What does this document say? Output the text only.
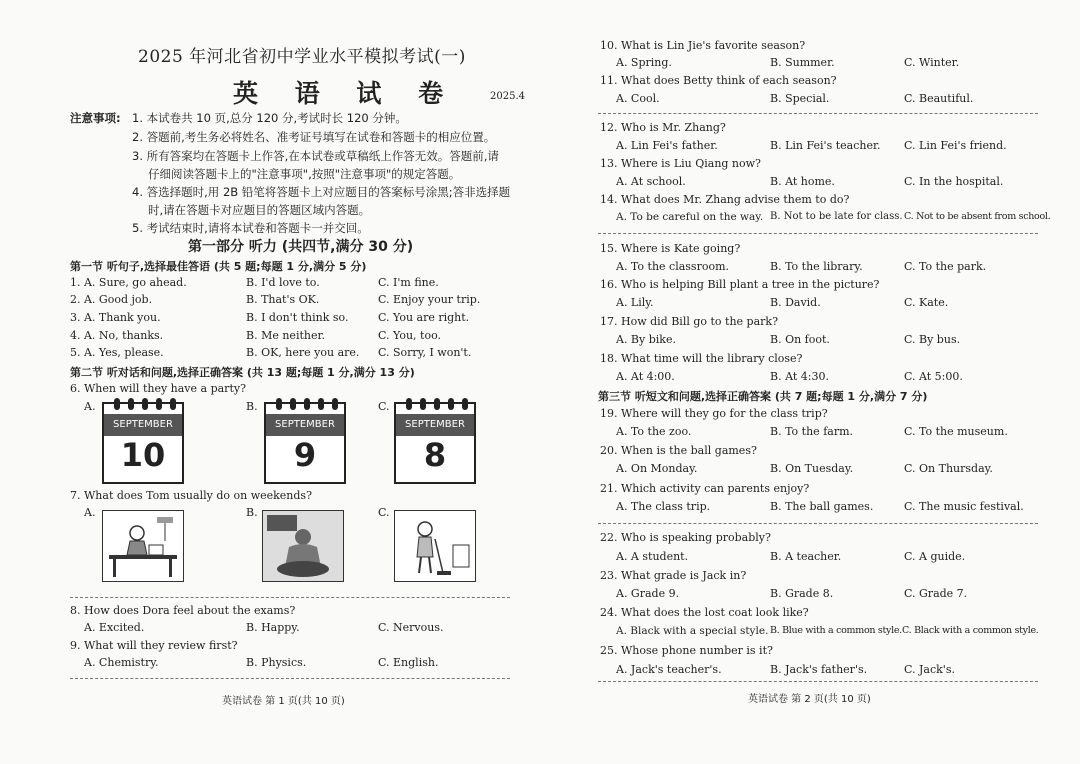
2025 年河北省初中学业水平模拟考试(一)
英 语 试 卷	2025.4
注意事项: 1. 本试卷共 10 页,总分 120 分,考试时长 120 分钟。
2. 答题前,考生务必将姓名、准考证号填写在试卷和答题卡的相应位置。
3. 所有答案均在答题卡上作答,在本试卷或草稿纸上作答无效。答题前,请
仔细阅读答题卡上的"注意事项",按照"注意事项"的规定答题。
4. 答选择题时,用 2B 铅笔将答题卡上对应题目的答案标号涂黑;答非选择题
时,请在答题卡对应题目的答题区域内答题。
5. 考试结束时,请将本试卷和答题卡一并交回。
第一部分 听力 (共四节,满分 30 分)
第一节 听句子,选择最佳答语 (共 5 题;每题 1 分,满分 5 分)
1. A. Sure, go ahead.	B. I'd love to.	C. I'm fine.
2. A. Good job.	B. That's OK.	C. Enjoy your trip.
3. A. Thank you.	B. I don't think so.	C. You are right.
4. A. No, thanks.	B. Me neither.	C. You, too.
5. A. Yes, please.	B. OK, here you are. C. Sorry, I won't.
第二节 听对话和问题,选择正确答案 (共 13 题;每题 1 分,满分 13 分)
6. When will they have a party?
A.
SEPTEMBER
10
B.
SEPTEMBER
9
C.
SEPTEMBER
8
7. What does Tom usually do on weekends?
A.	B.	C.
8. How does Dora feel about the exams?
A. Excited.	B. Happy.	C. Nervous.
9. What will they review first?
A. Chemistry.	B. Physics.	C. English.
英语试卷 第 1 页(共 10 页)
10. What is Lin Jie's favorite season?
A. Spring.	B. Summer.	C. Winter.
11. What does Betty think of each season?
A. Cool.	B. Special.	C. Beautiful.
12. Who is Mr. Zhang?
A. Lin Fei's father.	B. Lin Fei's teacher. C. Lin Fei's friend.
13. Where is Liu Qiang now?
A. At school.	B. At home.	C. In the hospital.
14. What does Mr. Zhang advise them to do?
A. To be careful on the way. B. Not to be late for class. C. Not to be absent from school.
15. Where is Kate going?
A. To the classroom.	B. To the library.	C. To the park.
16. Who is helping Bill plant a tree in the picture?
A. Lily.	B. David.	C. Kate.
17. How did Bill go to the park?
A. By bike.	B. On foot.	C. By bus.
18. What time will the library close?
A. At 4:00.	B. At 4:30.	C. At 5:00.
第三节 听短文和问题,选择正确答案 (共 7 题;每题 1 分,满分 7 分)
19. Where will they go for the class trip?
A. To the zoo.	B. To the farm.	C. To the museum.
20. When is the ball games?
A. On Monday.	B. On Tuesday.	C. On Thursday.
21. Which activity can parents enjoy?
A. The class trip.	B. The ball games.	C. The music festival.
22. Who is speaking probably?
A. A student.	B. A teacher.	C. A guide.
23. What grade is Jack in?
A. Grade 9.	B. Grade 8.	C. Grade 7.
24. What does the lost coat look like?
A. Black with a special style. B. Blue with a common style. C. Black with a common style.
25. Whose phone number is it?
A. Jack's teacher's.	B. Jack's father's.	C. Jack's.
英语试卷 第 2 页(共 10 页)
